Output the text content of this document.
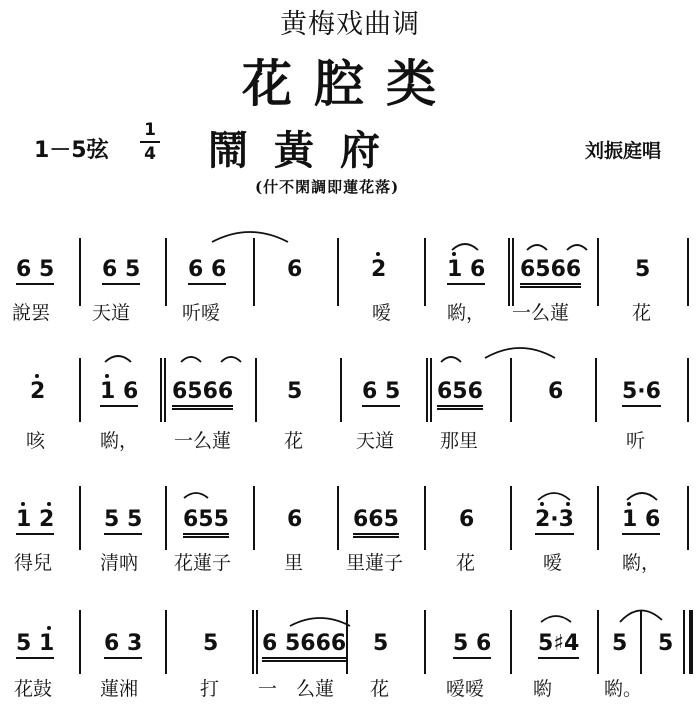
黄梅戏曲调
花腔类
1－5弦
1
4 鬧黃府	刘振庭唱
(什不閑調即蓮花落)
6 5 6 5 6 6	6	2	1 6 6566 5
說罢 天道	听嗳	嗳	喲， 一么蓮	花
2 1 6 6566 5	6 5 656	6	5·6
咳	喲， 一么蓮	花	天道 那里	听
1 2 5 5 655	6 665	6	2·3 1 6
得兒	清吶 花蓮子	里 里蓮子	花	嗳	喲，
5 1 6 3	5 6 5666 5	5 6 5♯4 5 5
花鼓	蓮湘	打 一 么蓮 花	嗳嗳	喲	喲。
